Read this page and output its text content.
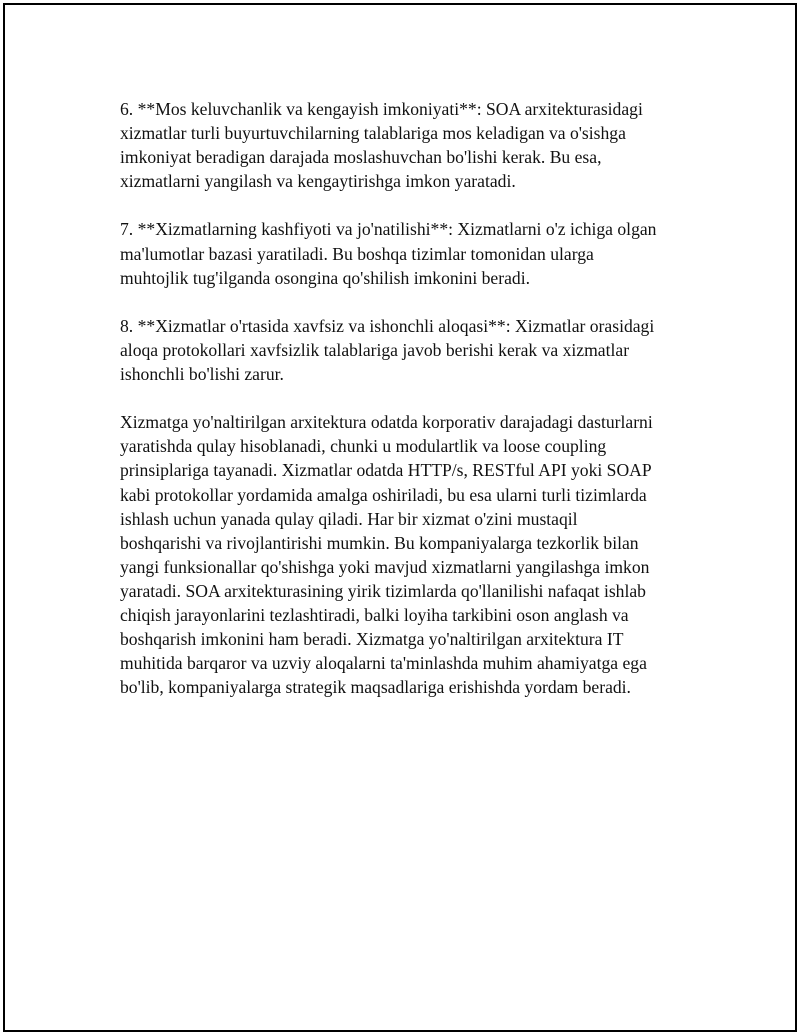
6. **Mos keluvchanlik va kengayish imkoniyati**: SOA arxitekturasidagi
xizmatlar turli buyurtuvchilarning talablariga mos keladigan va o'sishga
imkoniyat beradigan darajada moslashuvchan bo'lishi kerak. Bu esa,
xizmatlarni yangilash va kengaytirishga imkon yaratadi.

7. **Xizmatlarning kashfiyoti va jo'natilishi**: Xizmatlarni o'z ichiga olgan
ma'lumotlar bazasi yaratiladi. Bu boshqa tizimlar tomonidan ularga
muhtojlik tug'ilganda osongina qo'shilish imkonini beradi.

8. **Xizmatlar o'rtasida xavfsiz va ishonchli aloqasi**: Xizmatlar orasidagi
aloqa protokollari xavfsizlik talablariga javob berishi kerak va xizmatlar
ishonchli bo'lishi zarur.

Xizmatga yo'naltirilgan arxitektura odatda korporativ darajadagi dasturlarni
yaratishda qulay hisoblanadi, chunki u modulartlik va loose coupling
prinsiplariga tayanadi. Xizmatlar odatda HTTP/s, RESTful API yoki SOAP
kabi protokollar yordamida amalga oshiriladi, bu esa ularni turli tizimlarda
ishlash uchun yanada qulay qiladi. Har bir xizmat o'zini mustaqil
boshqarishi va rivojlantirishi mumkin. Bu kompaniyalarga tezkorlik bilan
yangi funksionallar qo'shishga yoki mavjud xizmatlarni yangilashga imkon
yaratadi. SOA arxitekturasining yirik tizimlarda qo'llanilishi nafaqat ishlab
chiqish jarayonlarini tezlashtiradi, balki loyiha tarkibini oson anglash va
boshqarish imkonini ham beradi. Xizmatga yo'naltirilgan arxitektura IT
muhitida barqaror va uzviy aloqalarni ta'minlashda muhim ahamiyatga ega
bo'lib, kompaniyalarga strategik maqsadlariga erishishda yordam beradi.
